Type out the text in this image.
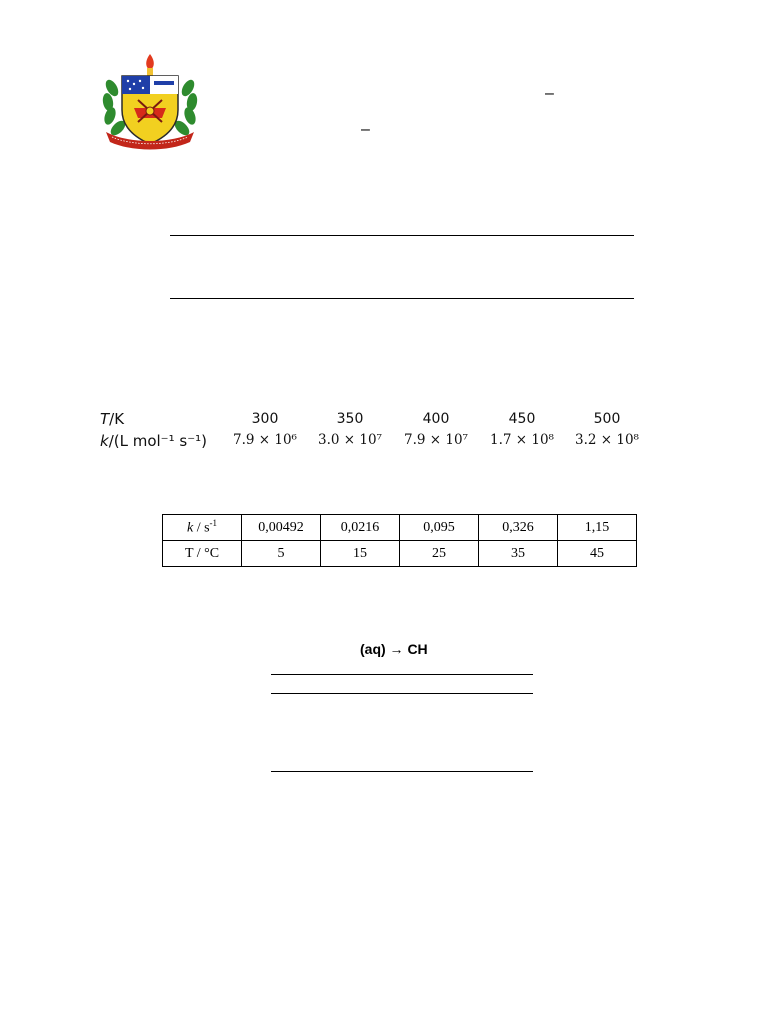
–
–
T/K	300	350	400	450	500
k/(L mol⁻¹ s⁻¹)	7.9 × 10⁶	3.0 × 10⁷	7.9 × 10⁷	1.7 × 10⁸	3.2 × 10⁸
k / $s^{-1}$	0,00492	0,0216	0,095	0,326	1,15
T / °C	5	15	25	35	45
(aq) → CH
